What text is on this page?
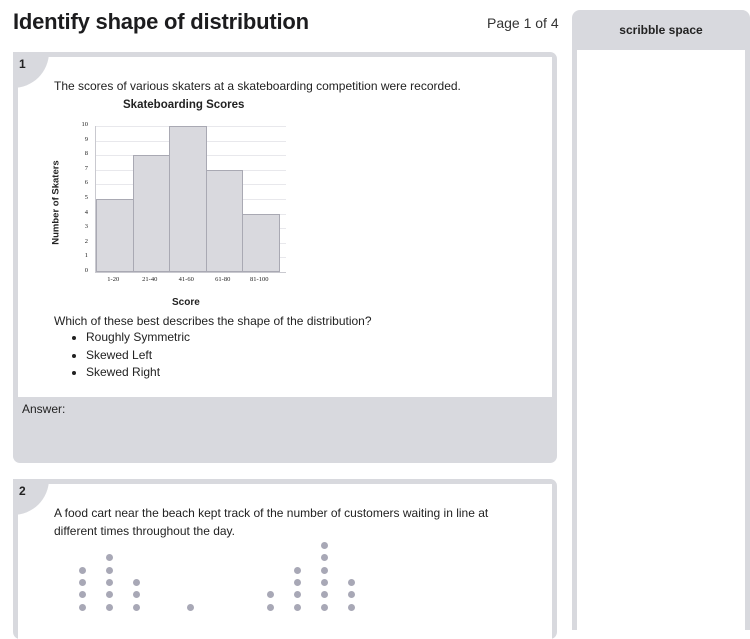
Identify shape of distribution	Page 1 of 4	scribble space
The scores of various skaters at a skateboarding competition were recorded.
Skateboarding Scores
Number of Skaters
0
1
2
3
4
5
6
7
8
9
10
1-20	21-40	41-60	61-80	81-100
Score
Which of these best describes the shape of the distribution?
• Roughly Symmetric
• Skewed Left
• Skewed Right
1
Answer:
A food cart near the beach kept track of the number of customers waiting in line at
different times throughout the day.
2
